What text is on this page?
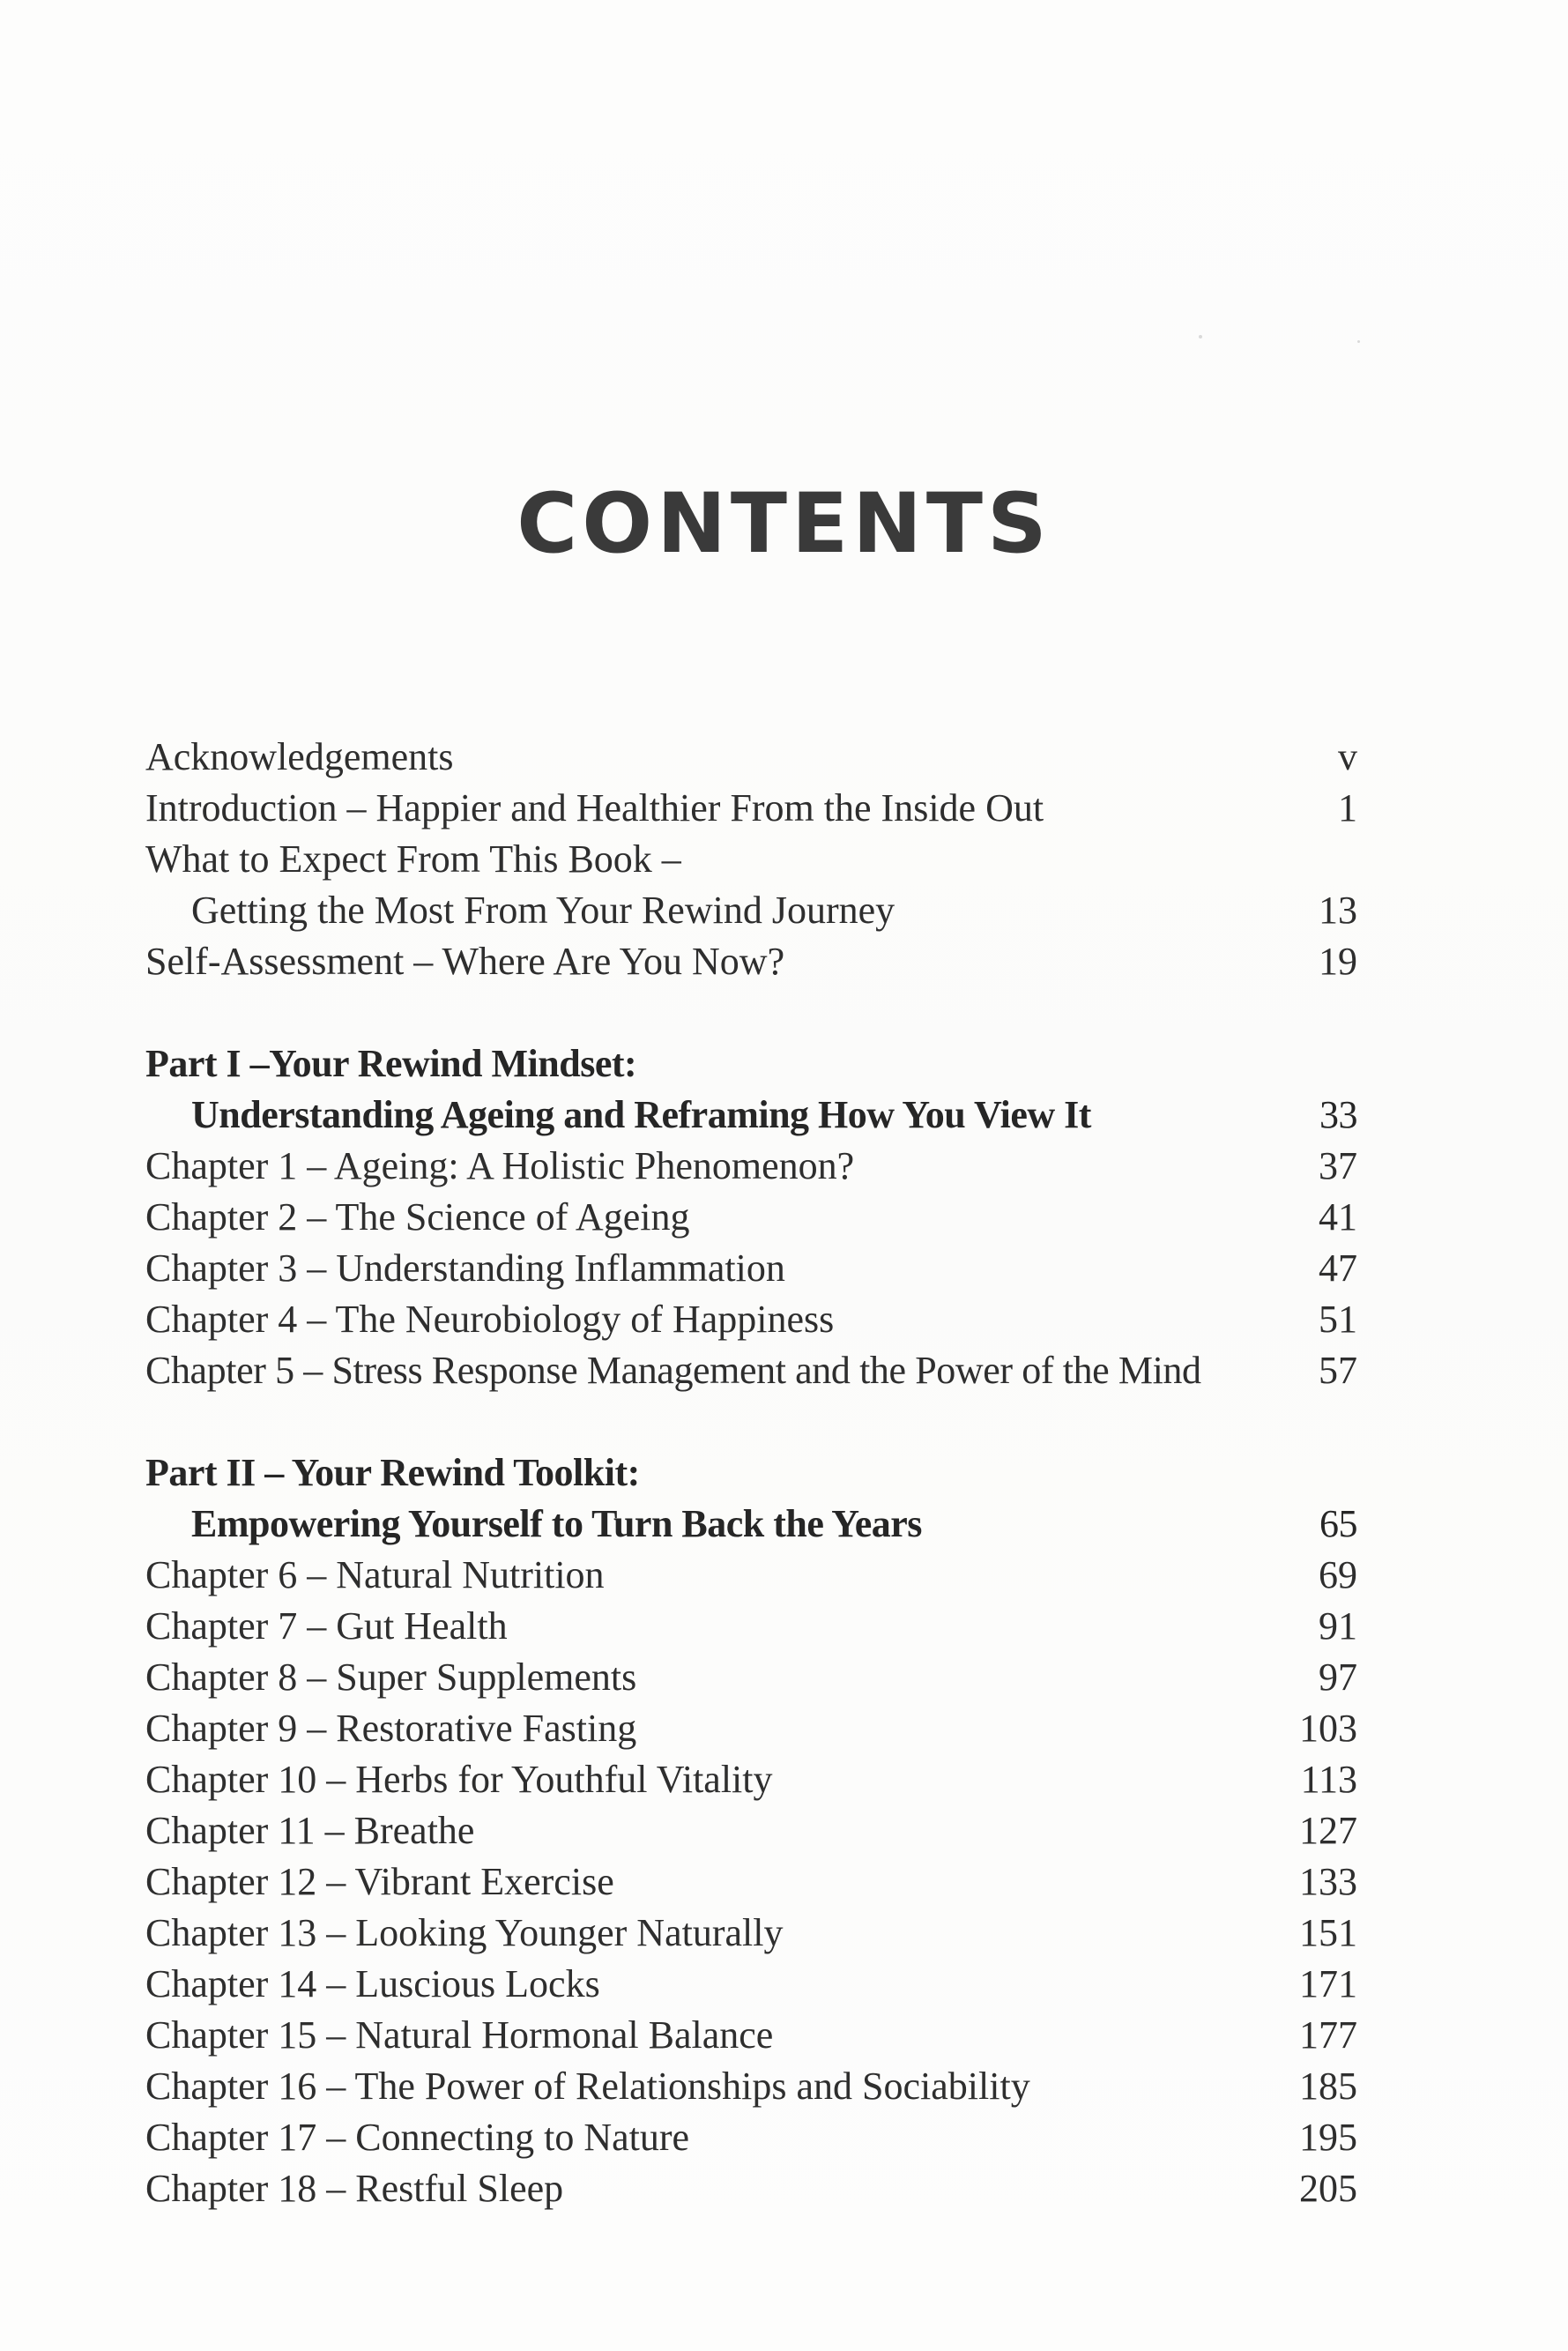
CONTENTS
Acknowledgements	v
Introduction – Happier and Healthier From the Inside Out	1
What to Expect From This Book –
Getting the Most From Your Rewind Journey	13
Self-Assessment – Where Are You Now?	19
Part I –Your Rewind Mindset:
Understanding Ageing and Reframing How You View It	33
Chapter 1 – Ageing: A Holistic Phenomenon?	37
Chapter 2 – The Science of Ageing	41
Chapter 3 – Understanding Inflammation	47
Chapter 4 – The Neurobiology of Happiness	51
Chapter 5 – Stress Response Management and the Power of the Mind	57
Part II – Your Rewind Toolkit:
Empowering Yourself to Turn Back the Years	65
Chapter 6 – Natural Nutrition	69
Chapter 7 – Gut Health	91
Chapter 8 – Super Supplements	97
Chapter 9 – Restorative Fasting	103
Chapter 10 – Herbs for Youthful Vitality	113
Chapter 11 – Breathe	127
Chapter 12 – Vibrant Exercise	133
Chapter 13 – Looking Younger Naturally	151
Chapter 14 – Luscious Locks	171
Chapter 15 – Natural Hormonal Balance	177
Chapter 16 – The Power of Relationships and Sociability	185
Chapter 17 – Connecting to Nature	195
Chapter 18 – Restful Sleep	205
